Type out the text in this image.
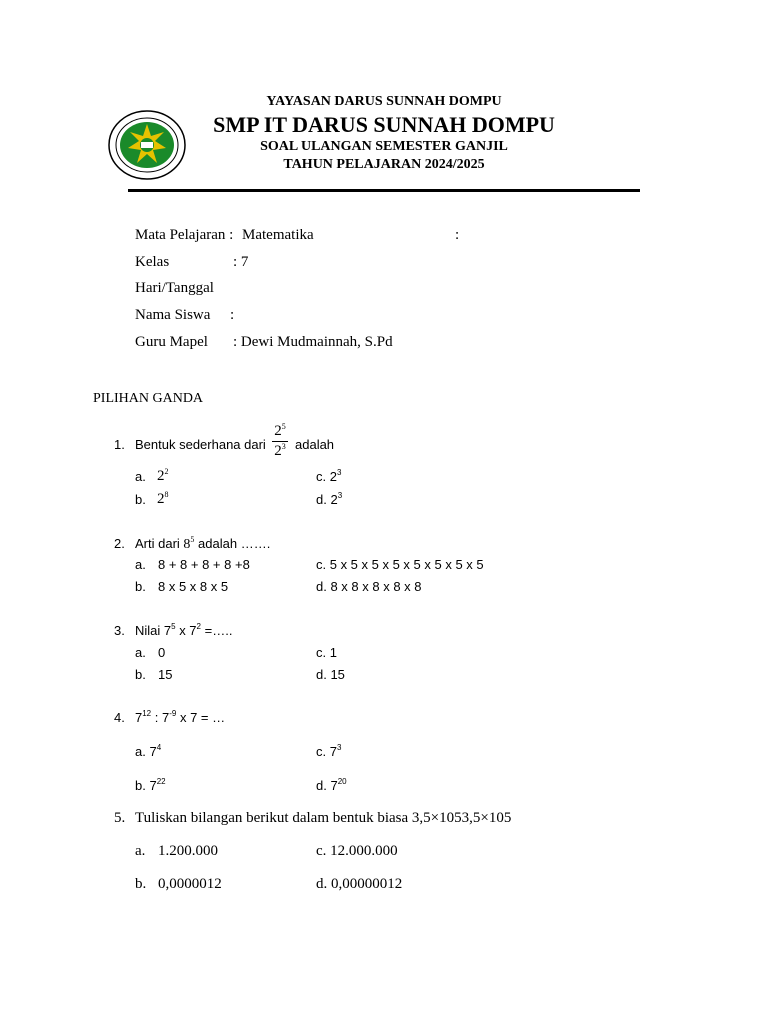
YAYASAN DARUS SUNNAH DOMPU
SMP IT DARUS SUNNAH DOMPU
SOAL ULANGAN SEMESTER GANJIL
TAHUN PELAJARAN 2024/2025
Mata Pelajaran : Matematika	:
Kelas	: 7
Hari/Tanggal
Nama Siswa :
Guru Mapel : Dewi Mudmainnah, S.Pd
PILIHAN GANDA
1. Bentuk sederhana dari
$2^5$
$2^3$ adalah
a. $2^2$
b. $2^8$
c. $2^3$
d. $2^3$
2. Arti dari $8^5$ adalah …….
a. 8 + 8 + 8 + 8 +8
b. 8 x 5 x 8 x 5
c. 5 x 5 x 5 x 5 x 5 x 5 x 5 x 5
d. 8 x 8 x 8 x 8 x 8
3. Nilai $7^5$ x $7^2$ =…..
a. 0
b. 15
c. 1
d. 15
4. $7^{12}$ : $7^{-9}$ x 7 = …
a. $7^4$
b. $7^{22}$
c. $7^3$
d. $7^{20}$
5. Tuliskan bilangan berikut dalam bentuk biasa 3,5×1053,5×105
a. 1.200.000
b. 0,0000012
c. 12.000.000
d. 0,00000012
